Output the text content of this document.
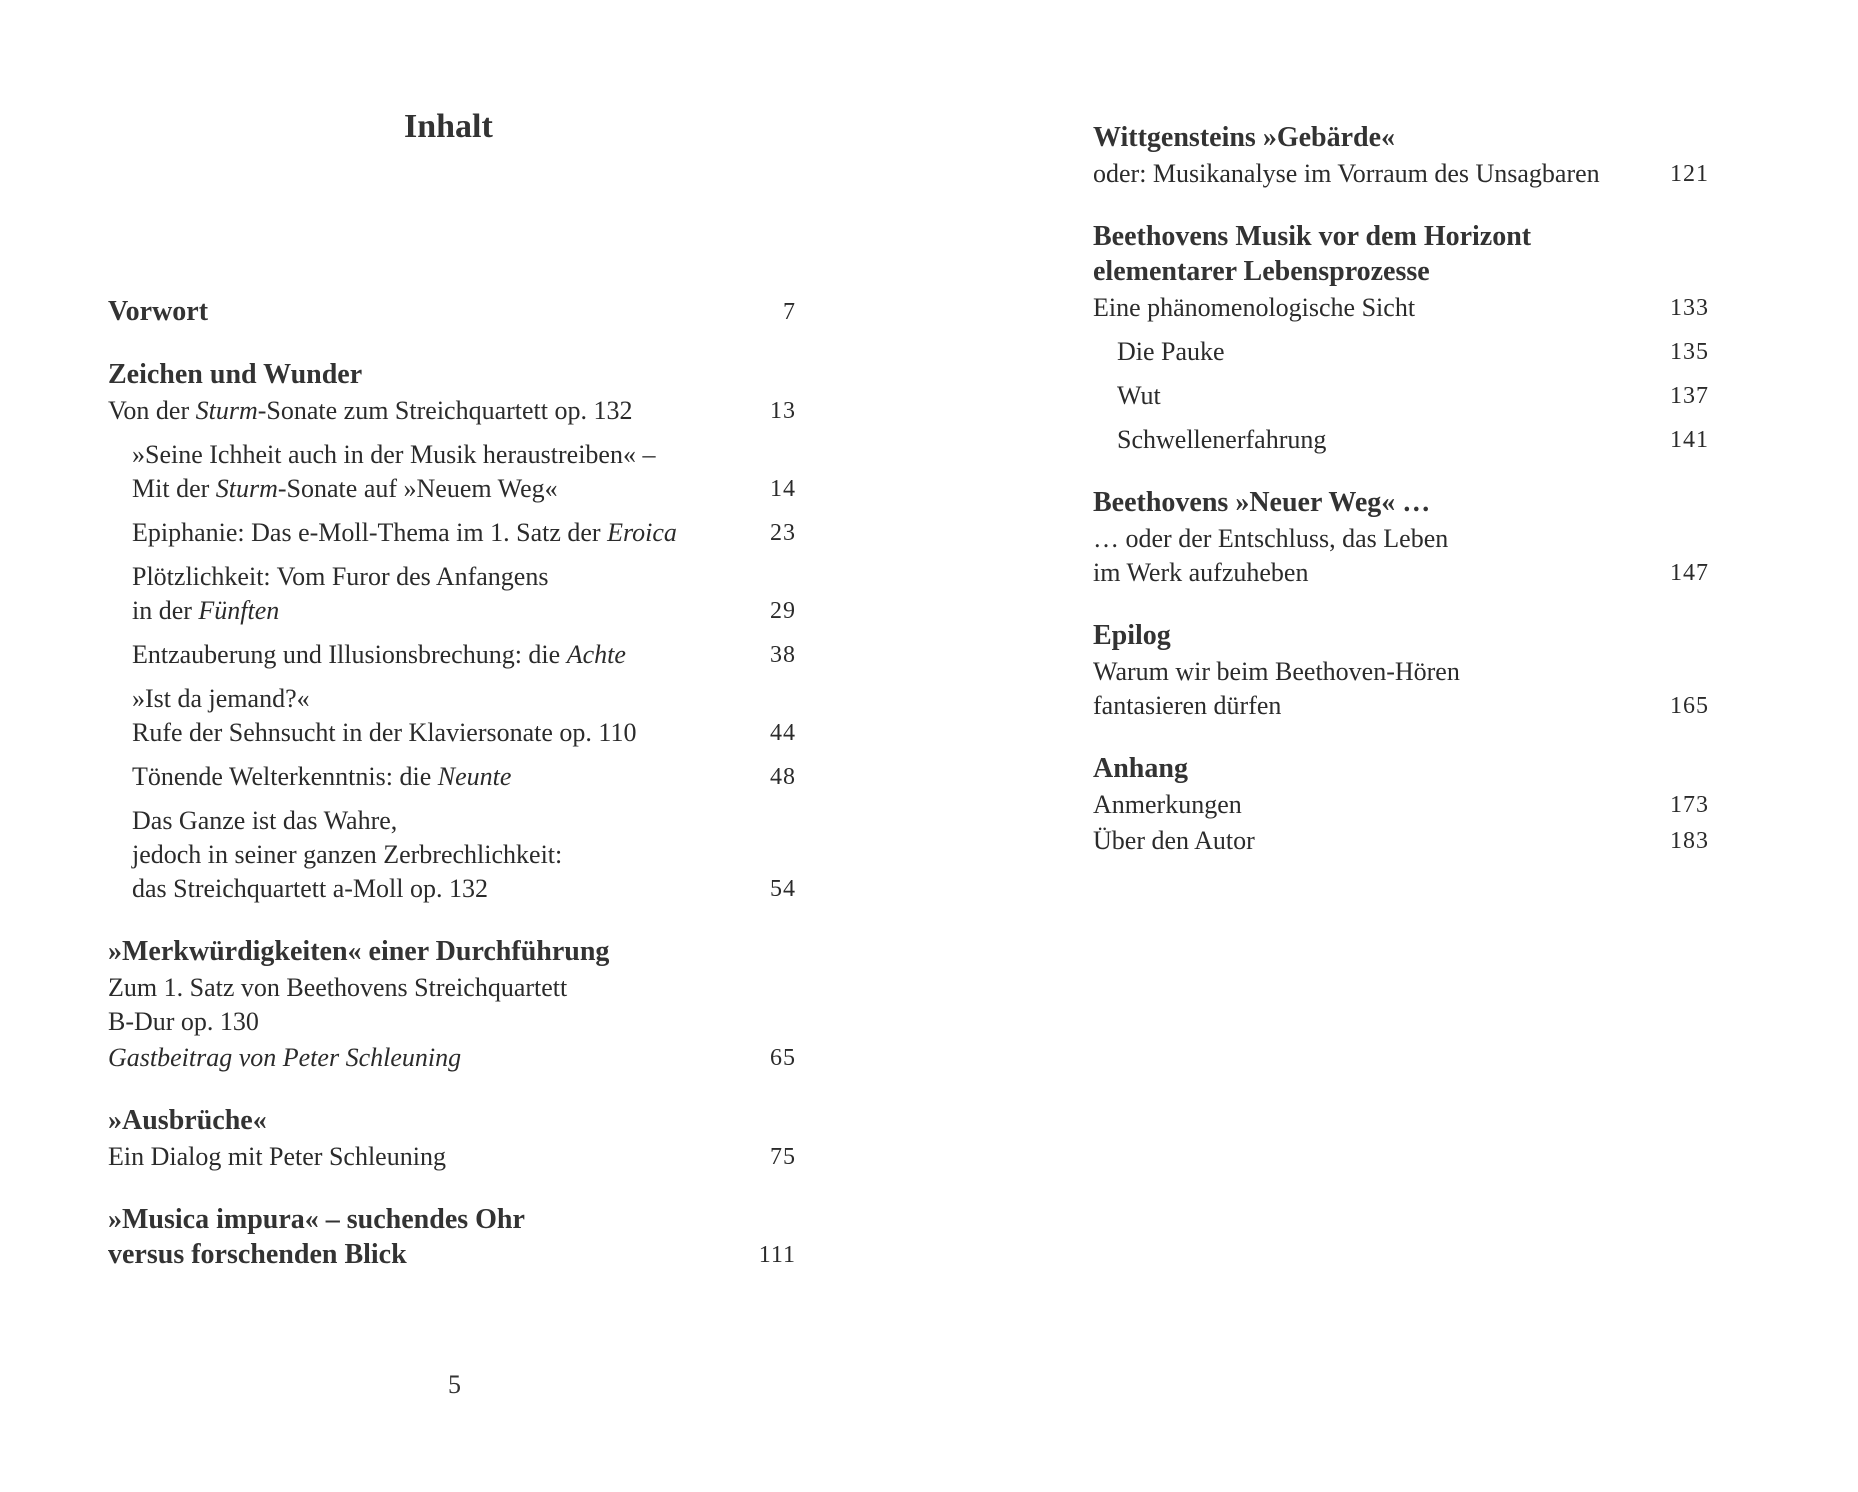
Inhalt
Vorwort	7
Zeichen und Wunder
Von der Sturm-Sonate zum Streichquartett op. 132	13
»Seine Ichheit auch in der Musik heraustreiben« –
Mit der Sturm-Sonate auf »Neuem Weg«	14
Epiphanie: Das e-Moll-Thema im 1. Satz der Eroica	23
Plötzlichkeit: Vom Furor des Anfangens
in der Fünften	29
Entzauberung und Illusionsbrechung: die Achte	38
»Ist da jemand?«
Rufe der Sehnsucht in der Klaviersonate op. 110	44
Tönende Welterkenntnis: die Neunte	48
Das Ganze ist das Wahre,
jedoch in seiner ganzen Zerbrechlichkeit:
das Streichquartett a-Moll op. 132	54
»Merkwürdigkeiten« einer Durchführung
Zum 1. Satz von Beethovens Streichquartett
B-Dur op. 130
Gastbeitrag von Peter Schleuning	65
»Ausbrüche«
Ein Dialog mit Peter Schleuning	75
»Musica impura« – suchendes Ohr
versus forschenden Blick	111
5
Wittgensteins »Gebärde«
oder: Musikanalyse im Vorraum des Unsagbaren	121
Beethovens Musik vor dem Horizont
elementarer Lebensprozesse
Eine phänomenologische Sicht	133
Die Pauke	135
Wut	137
Schwellenerfahrung	141
Beethovens »Neuer Weg« …
… oder der Entschluss, das Leben
im Werk aufzuheben	147
Epilog
Warum wir beim Beethoven-Hören
fantasieren dürfen	165
Anhang
Anmerkungen	173
Über den Autor	183
